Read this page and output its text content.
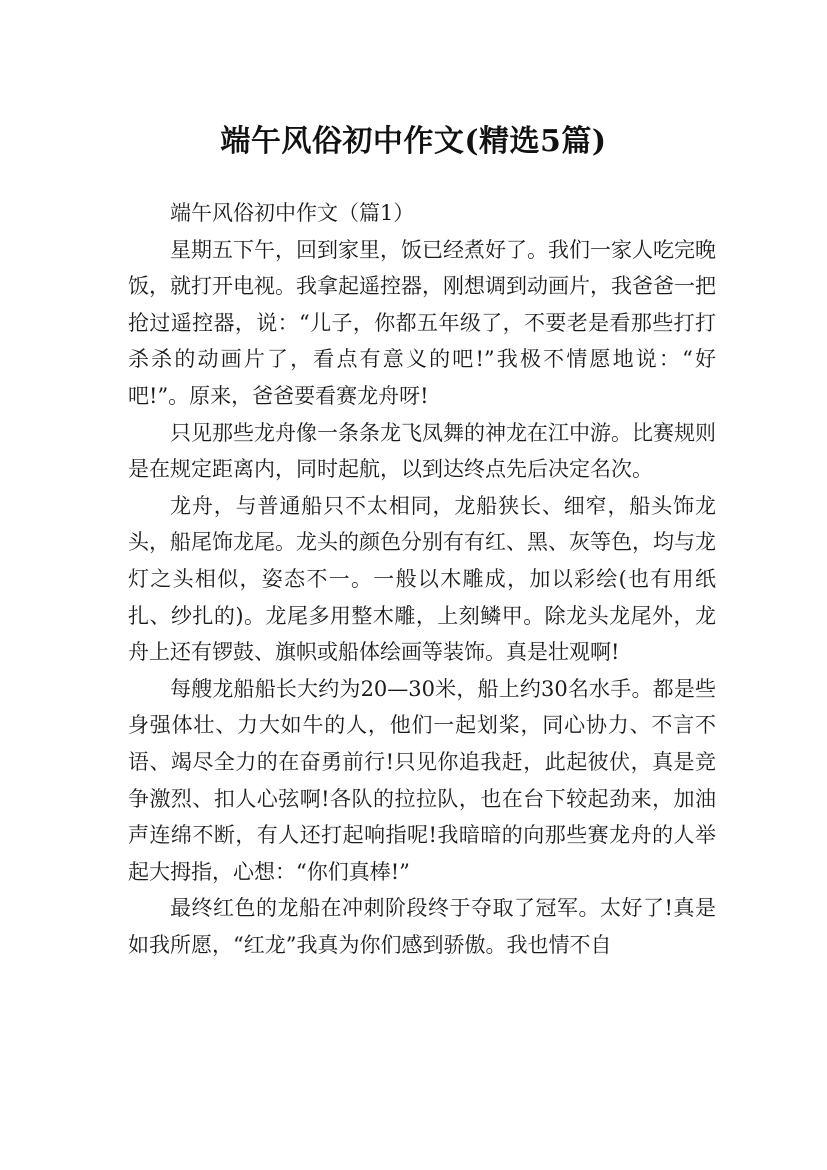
端午风俗初中作文(精选5篇)

端午风俗初中作文（篇1）

星期五下午，回到家里，饭已经煮好了。我们一家人吃完晚饭，就打开电视。我拿起遥控器，刚想调到动画片，我爸爸一把抢过遥控器，说：“儿子，你都五年级了，不要老是看那些打打杀杀的动画片了，看点有意义的吧!”我极不情愿地说：“好吧!”。原来，爸爸要看赛龙舟呀!

只见那些龙舟像一条条龙飞凤舞的神龙在江中游。比赛规则是在规定距离内，同时起航，以到达终点先后决定名次。

龙舟，与普通船只不太相同，龙船狭长、细窄，船头饰龙头，船尾饰龙尾。龙头的颜色分别有有红、黑、灰等色，均与龙灯之头相似，姿态不一。一般以木雕成，加以彩绘(也有用纸扎、纱扎的)。龙尾多用整木雕，上刻鳞甲。除龙头龙尾外，龙舟上还有锣鼓、旗帜或船体绘画等装饰。真是壮观啊!

每艘龙船船长大约为20—30米，船上约30名水手。都是些身强体壮、力大如牛的人，他们一起划桨，同心协力、不言不语、竭尽全力的在奋勇前行!只见你追我赶，此起彼伏，真是竞争激烈、扣人心弦啊!各队的拉拉队，也在台下较起劲来，加油声连绵不断，有人还打起响指呢!我暗暗的向那些赛龙舟的人举起大拇指，心想：“你们真棒!”

最终红色的龙船在冲刺阶段终于夺取了冠军。太好了!真是如我所愿，“红龙”我真为你们感到骄傲。我也情不自
